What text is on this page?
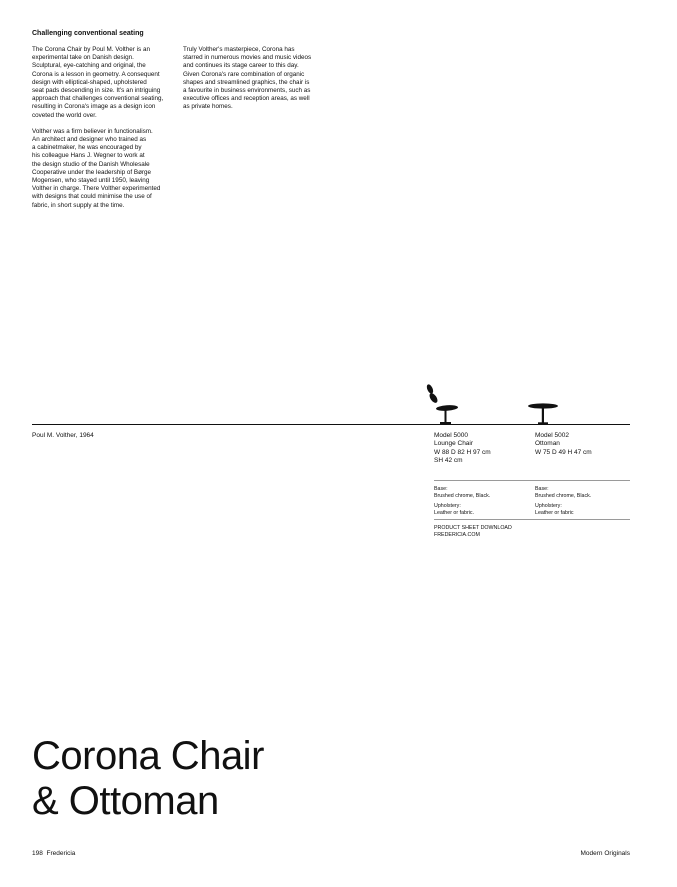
Challenging conventional seating

The Corona Chair by Poul M. Volther is an
experimental take on Danish design.
Sculptural, eye-catching and original, the
Corona is a lesson in geometry. A consequent
design with elliptical-shaped, upholstered
seat pads descending in size. It's an intriguing
approach that challenges conventional seating,
resulting in Corona's image as a design icon
coveted the world over.

Volther was a firm believer in functionalism.
An architect and designer who trained as
a cabinetmaker, he was encouraged by
his colleague Hans J. Wegner to work at
the design studio of the Danish Wholesale
Cooperative under the leadership of Børge
Mogensen, who stayed until 1950, leaving
Volther in charge. There Volther experimented
with designs that could minimise the use of
fabric, in short supply at the time.

Truly Volther's masterpiece, Corona has
starred in numerous movies and music videos
and continues its stage career to this day.
Given Corona's rare combination of organic
shapes and streamlined graphics, the chair is
a favourite in business environments, such as
executive offices and reception areas, as well
as private homes.

Poul M. Volther, 1964	Model 5000
Lounge Chair
W 88 D 82 H 97 cm
SH 42 cm
Model 5002
Ottoman
W 75 D 49 H 47 cm
Base:
Brushed chrome, Black.
Base:
Brushed chrome, Black.
Upholstery:
Leather or fabric.
Upholstery:
Leather or fabric
PRODUCT SHEET DOWNLOAD
FREDERICIA.COM
Corona Chair
& Ottoman
198 Fredericia	Modern Originals
